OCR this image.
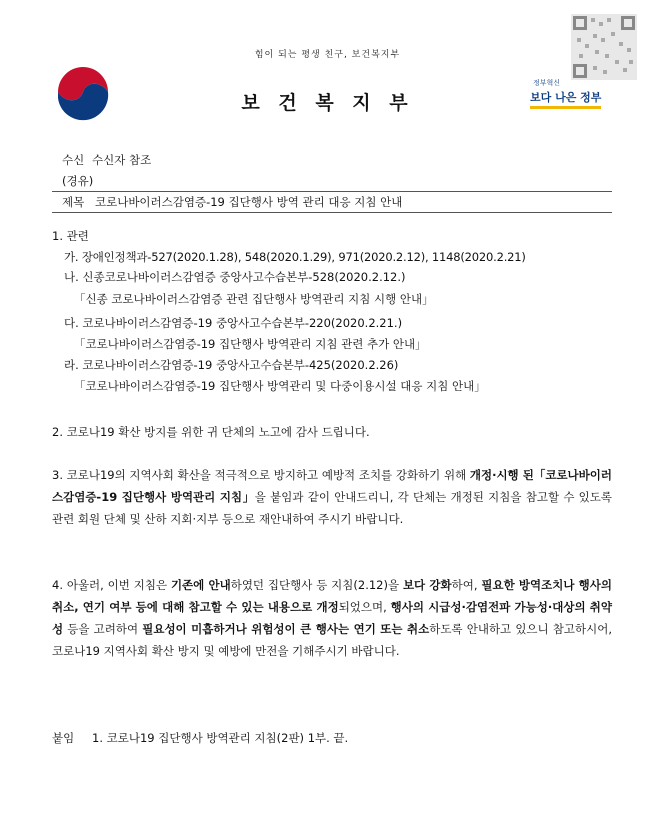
힘이 되는 평생 친구, 보건복지부
보 건 복 지 부
정부혁신
보다 나은 정부
수신 수신자 참조
(경유)
제목 코로나바이러스감염증-19 집단행사 방역 관리 대응 지침 안내
1. 관련
가. 장애인정책과-527(2020.1.28), 548(2020.1.29), 971(2020.2.12), 1148(2020.2.21)
나. 신종코로나바이러스감염증 중앙사고수습본부-528(2020.2.12.)
「신종 코로나바이러스감염증 관련 집단행사 방역관리 지침 시행 안내」
다. 코로나바이러스감염증-19 중앙사고수습본부-220(2020.2.21.)
「코로나바이러스감염증-19 집단행사 방역관리 지침 관련 추가 안내」
라. 코로나바이러스감염증-19 중앙사고수습본부-425(2020.2.26)
「코로나바이러스감염증-19 집단행사 방역관리 및 다중이용시설 대응 지침 안내」
2. 코로나19 확산 방지를 위한 귀 단체의 노고에 감사 드립니다.
3. 코로나19의 지역사회 확산을 적극적으로 방지하고 예방적 조치를 강화하기 위해 개정·시행 된「코로나바이러스감염증-19 집단행사 방역관리 지침」을 붙임과 같이 안내드리니, 각 단체는 개정된 지침을 참고할 수 있도록 관련 회원 단체 및 산하 지회·지부 등으로 재안내하여 주시기 바랍니다.
4. 아울러, 이번 지침은 기존에 안내하였던 집단행사 등 지침(2.12)을 보다 강화하여, 필요한 방역조치나 행사의 취소, 연기 여부 등에 대해 참고할 수 있는 내용으로 개정되었으며, 행사의 시급성·감염전파 가능성·대상의 취약성 등을 고려하여 필요성이 미흡하거나 위험성이 큰 행사는 연기 또는 취소하도록 안내하고 있으니 참고하시어, 코로나19 지역사회 확산 방지 및 예방에 만전을 기해주시기 바랍니다.
붙임 1. 코로나19 집단행사 방역관리 지침(2판) 1부. 끝.
